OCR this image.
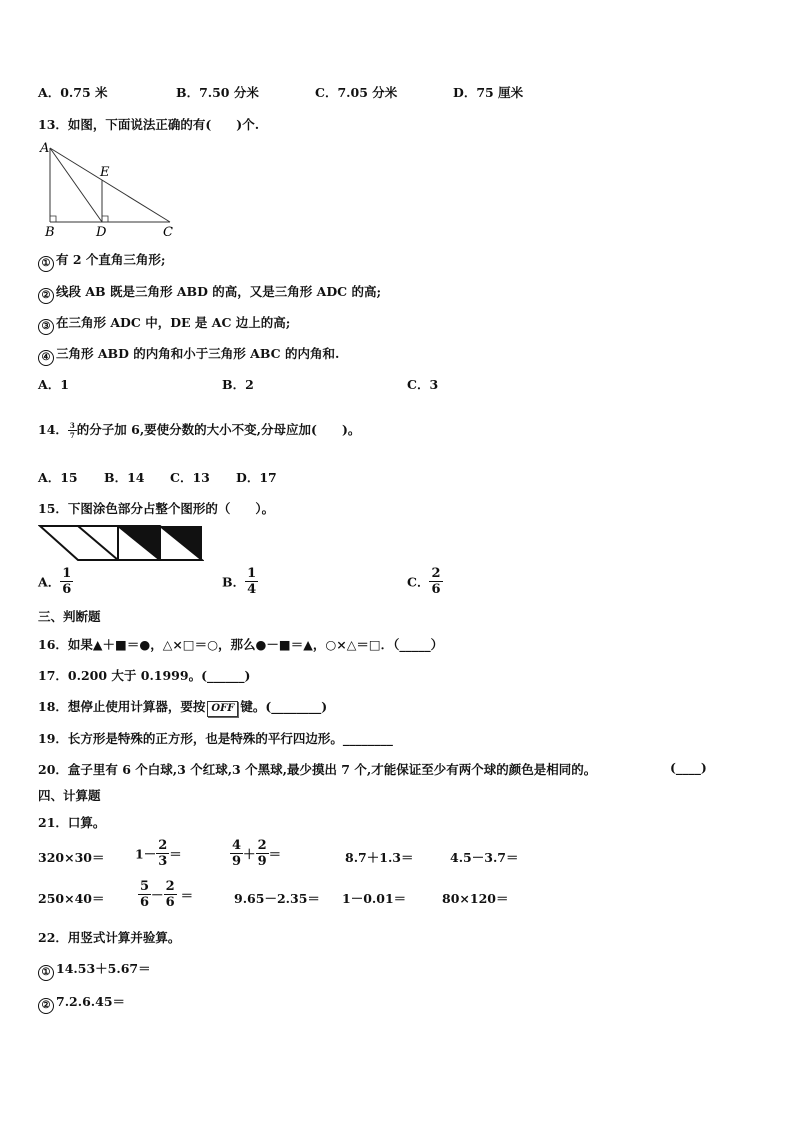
A．0.75 米	B．7.50 分米	C．7.05 分米	D．75 厘米
13．如图，下面说法正确的有(　　)个.
A
E
B	D	C
① 有 2 个直角三角形;
② 线段 AB 既是三角形 ABD 的高，又是三角形 ADC 的高;
③ 在三角形 ADC 中，DE 是 AC 边上的高;
④ 三角形 ABD 的内角和小于三角形 ABC 的内角和.
A．1	B．2	C．3
14． $\frac{3}{7}$ 的分子加 6,要使分数的大小不变,分母应加(　　)。
A．15 B．14 C．13 D．17
15．下图涂色部分占整个图形的（　　）。
A． $\frac{1}{6}$	B． $\frac{1}{4}$	C． $\frac{2}{6}$
三、判断题
16．如果▲＋■＝●，△×□＝○，那么●－■＝▲，○×△＝□．（_____）
17．0.200 大于 0.1999。(______)
18．想停止使用计算器，要按 OFF 键。(________)
19．长方形是特殊的正方形，也是特殊的平行四边形。________
20．盒子里有 6 个白球,3 个红球,3 个黑球,最少摸出 7 个,才能保证至少有两个球的颜色是相同的。	(____)
四、计算题
21．口算。
$320\times 30= 1- \frac{2}{3}$ ＝	$\frac{4}{9} + \frac{2}{9}$ ＝	8.7＋1.3＝	4.5－3.7＝
250×40＝	$\frac{5}{6} - \frac{2}{6}$ ＝	9.65－2.35＝ 1－0.01＝	80×120＝
22．用竖式计算并验算。
① 14.53＋5.67＝
② 7.2.6.45＝
